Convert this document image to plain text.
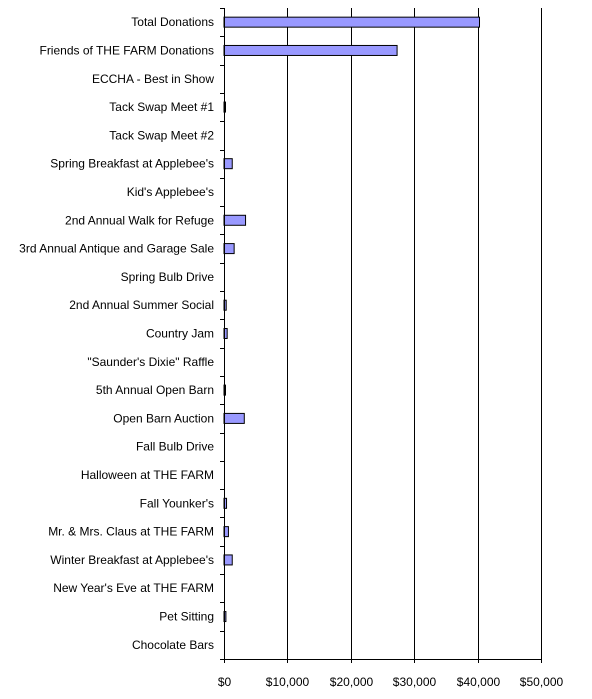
Total Donations
Friends of THE FARM Donations
ECCHA - Best in Show
Tack Swap Meet #1
Tack Swap Meet #2
Spring Breakfast at Applebee's
Kid's Applebee's
2nd Annual Walk for Refuge
3rd Annual Antique and Garage Sale
Spring Bulb Drive
2nd Annual Summer Social
Country Jam
"Saunder's Dixie" Raffle
5th Annual Open Barn
Open Barn Auction
Fall Bulb Drive
Halloween at THE FARM
Fall Younker's
Mr. & Mrs. Claus at THE FARM
Winter Breakfast at Applebee's
New Year's Eve at THE FARM
Pet Sitting
Chocolate Bars
$0	$10,000 $20,000 $30,000 $40,000 $50,000
